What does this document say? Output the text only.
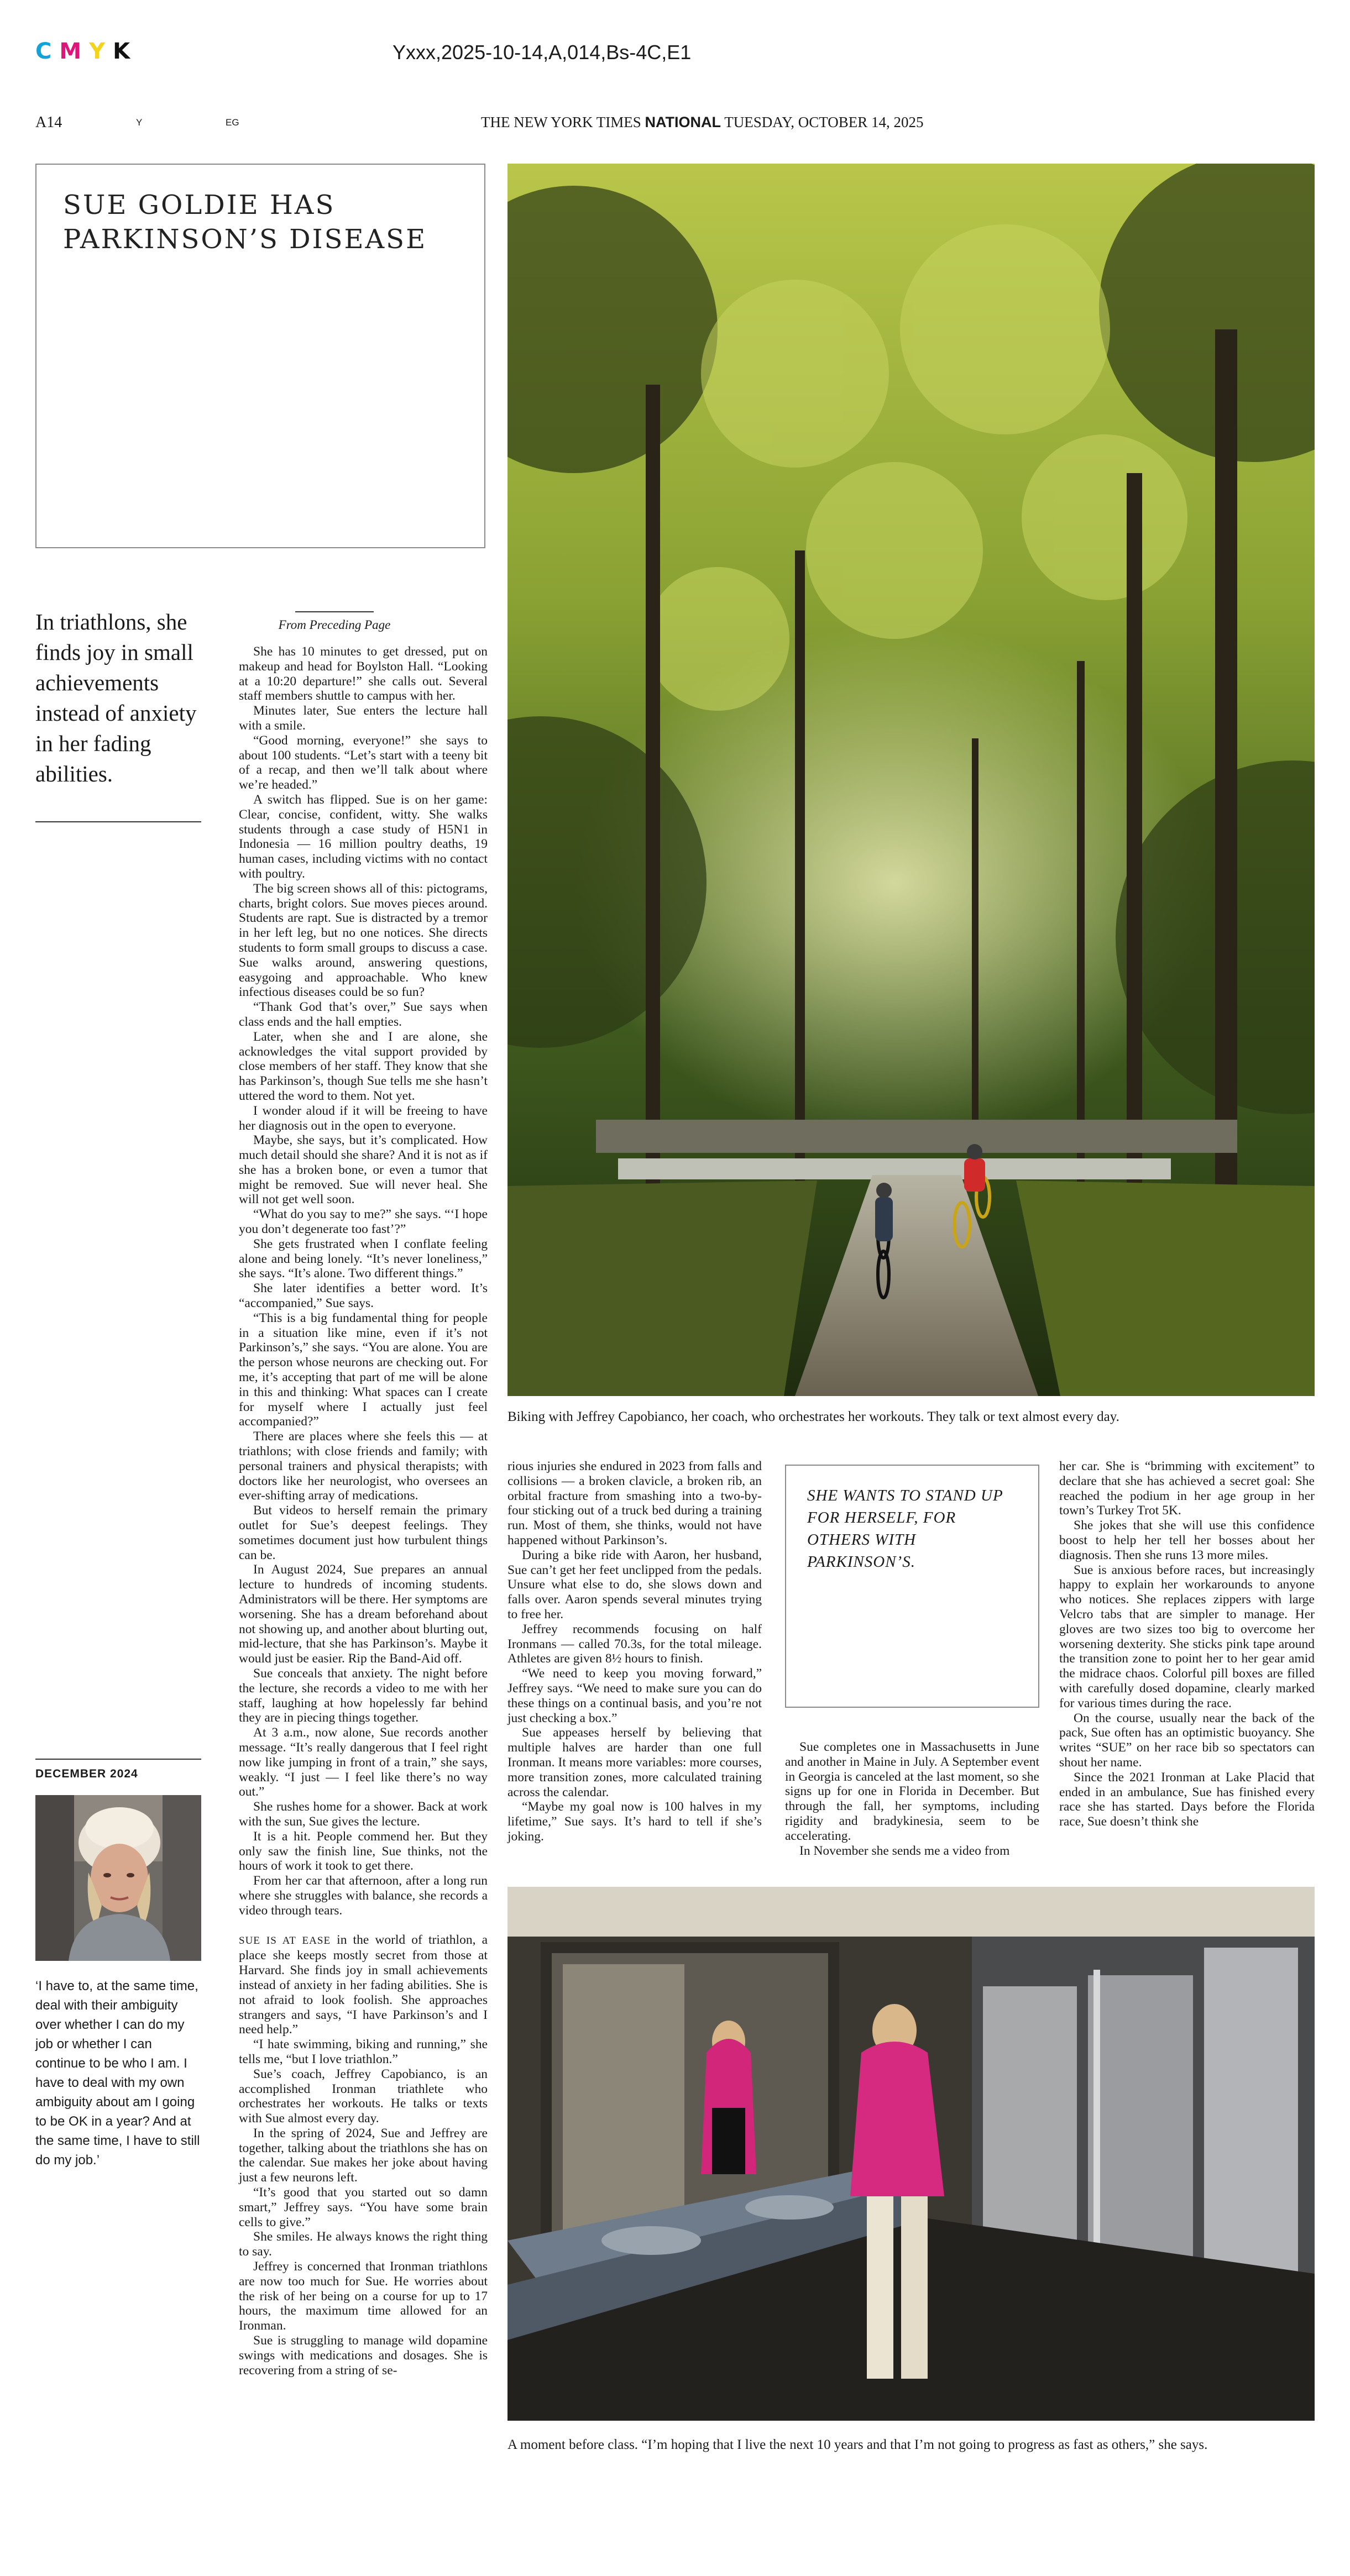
CMYK	Yxxx,2025-10-14,A,014,Bs-4C,E1
A14	Y	EG	THE NEW YORK TIMES NATIONAL TUESDAY, OCTOBER 14, 2025
SUE GOLDIE HAS PARKINSON’S DISEASE
In triathlons, she finds joy in small achievements instead of anxiety in her fading abilities.
DECEMBER 2024
‘I have to, at the same time, deal with their ambiguity over whether I can do my job or whether I can continue to be who I am. I have to deal with my own ambiguity about am I going to be OK in a year? And at the same time, I have to still do my job.’
From Preceding Page

She has 10 minutes to get dressed, put on makeup and head for Boylston Hall. “Looking at a 10:20 departure!” she calls out. Several staff members shuttle to campus with her.

Minutes later, Sue enters the lecture hall with a smile.

“Good morning, everyone!” she says to about 100 students. “Let’s start with a teeny bit of a recap, and then we’ll talk about where we’re headed.”

A switch has flipped. Sue is on her game: Clear, concise, confident, witty. She walks students through a case study of H5N1 in Indonesia — 16 million poultry deaths, 19 human cases, including victims with no contact with poultry.

The big screen shows all of this: pictograms, charts, bright colors. Sue moves pieces around. Students are rapt. Sue is distracted by a tremor in her left leg, but no one notices. She directs students to form small groups to discuss a case. Sue walks around, answering questions, easygoing and approachable. Who knew infectious diseases could be so fun?

“Thank God that’s over,” Sue says when class ends and the hall empties.

Later, when she and I are alone, she acknowledges the vital support provided by close members of her staff. They know that she has Parkinson’s, though Sue tells me she hasn’t uttered the word to them. Not yet.

I wonder aloud if it will be freeing to have her diagnosis out in the open to everyone.

Maybe, she says, but it’s complicated. How much detail should she share? And it is not as if she has a broken bone, or even a tumor that might be removed. Sue will never heal. She will not get well soon.

“What do you say to me?” she says. “‘I hope you don’t degenerate too fast’?”

She gets frustrated when I conflate feeling alone and being lonely. “It’s never loneliness,” she says. “It’s alone. Two different things.”

She later identifies a better word. It’s “accompanied,” Sue says.

“This is a big fundamental thing for people in a situation like mine, even if it’s not Parkinson’s,” she says. “You are alone. You are the person whose neurons are checking out. For me, it’s accepting that part of me will be alone in this and thinking: What spaces can I create for myself where I actually just feel accompanied?”

There are places where she feels this — at triathlons; with close friends and family; with personal trainers and physical therapists; with doctors like her neurologist, who oversees an ever-shifting array of medications.

But videos to herself remain the primary outlet for Sue’s deepest feelings. They sometimes document just how turbulent things can be.

In August 2024, Sue prepares an annual lecture to hundreds of incoming students. Administrators will be there. Her symptoms are worsening. She has a dream beforehand about not showing up, and another about blurting out, mid-lecture, that she has Parkinson’s. Maybe it would just be easier. Rip the Band-Aid off.

Sue conceals that anxiety. The night before the lecture, she records a video to me with her staff, laughing at how hopelessly far behind they are in piecing things together.

At 3 a.m., now alone, Sue records another message. “It’s really dangerous that I feel right now like jumping in front of a train,” she says, weakly. “I just — I feel like there’s no way out.”

She rushes home for a shower. Back at work with the sun, Sue gives the lecture.

It is a hit. People commend her. But they only saw the finish line, Sue thinks, not the hours of work it took to get there.

From her car that afternoon, after a long run where she struggles with balance, she records a video through tears.

SUE IS AT EASE in the world of triathlon, a place she keeps mostly secret from those at Harvard. She finds joy in small achievements instead of anxiety in her fading abilities. She is not afraid to look foolish. She approaches strangers and says, “I have Parkinson’s and I need help.”

“I hate swimming, biking and running,” she tells me, “but I love triathlon.”

Sue’s coach, Jeffrey Capobianco, is an accomplished Ironman triathlete who orchestrates her workouts. He talks or texts with Sue almost every day.

In the spring of 2024, Sue and Jeffrey are together, talking about the triathlons she has on the calendar. Sue makes her joke about having just a few neurons left.

“It’s good that you started out so damn smart,” Jeffrey says. “You have some brain cells to give.”

She smiles. He always knows the right thing to say.

Jeffrey is concerned that Ironman triathlons are now too much for Sue. He worries about the risk of her being on a course for up to 17 hours, the maximum time allowed for an Ironman.

Sue is struggling to manage wild dopamine swings with medications and dosages. She is recovering from a string of se-

Biking with Jeffrey Capobianco, her coach, who orchestrates her workouts. They talk or text almost every day.

rious injuries she endured in 2023 from falls and collisions — a broken clavicle, a broken rib, an orbital fracture from smashing into a two-by-four sticking out of a truck bed during a training run. Most of them, she thinks, would not have happened without Parkinson’s.

During a bike ride with Aaron, her husband, Sue can’t get her feet unclipped from the pedals. Unsure what else to do, she slows down and falls over. Aaron spends several minutes trying to free her.

Jeffrey recommends focusing on half Ironmans — called 70.3s, for the total mileage. Athletes are given 8½ hours to finish.

“We need to keep you moving forward,” Jeffrey says. “We need to make sure you can do these things on a continual basis, and you’re not just checking a box.”

Sue appeases herself by believing that multiple halves are harder than one full Ironman. It means more variables: more courses, more transition zones, more calculated training across the calendar.

“Maybe my goal now is 100 halves in my lifetime,” Sue says. It’s hard to tell if she’s joking.

SHE WANTS TO STAND UP FOR HERSELF, FOR OTHERS WITH PARKINSON’S.

Sue completes one in Massachusetts in June and another in Maine in July. A September event in Georgia is canceled at the last moment, so she signs up for one in Florida in December. But through the fall, her symptoms, including rigidity and bradykinesia, seem to be accelerating.

In November she sends me a video from

her car. She is “brimming with excitement” to declare that she has achieved a secret goal: She reached the podium in her age group in her town’s Turkey Trot 5K.

She jokes that she will use this confidence boost to help her tell her bosses about her diagnosis. Then she runs 13 more miles.

Sue is anxious before races, but increasingly happy to explain her workarounds to anyone who notices. She replaces zippers with large Velcro tabs that are simpler to manage. Her gloves are two sizes too big to overcome her worsening dexterity. She sticks pink tape around the transition zone to point her to her gear amid the midrace chaos. Colorful pill boxes are filled with carefully dosed dopamine, clearly marked for various times during the race.

On the course, usually near the back of the pack, Sue often has an optimistic buoyancy. She writes “SUE” on her race bib so spectators can shout her name.

Since the 2021 Ironman at Lake Placid that ended in an ambulance, Sue has finished every race she has started. Days before the Florida race, Sue doesn’t think she

A moment before class. “I’m hoping that I live the next 10 years and that I’m not going to progress as fast as others,” she says.
